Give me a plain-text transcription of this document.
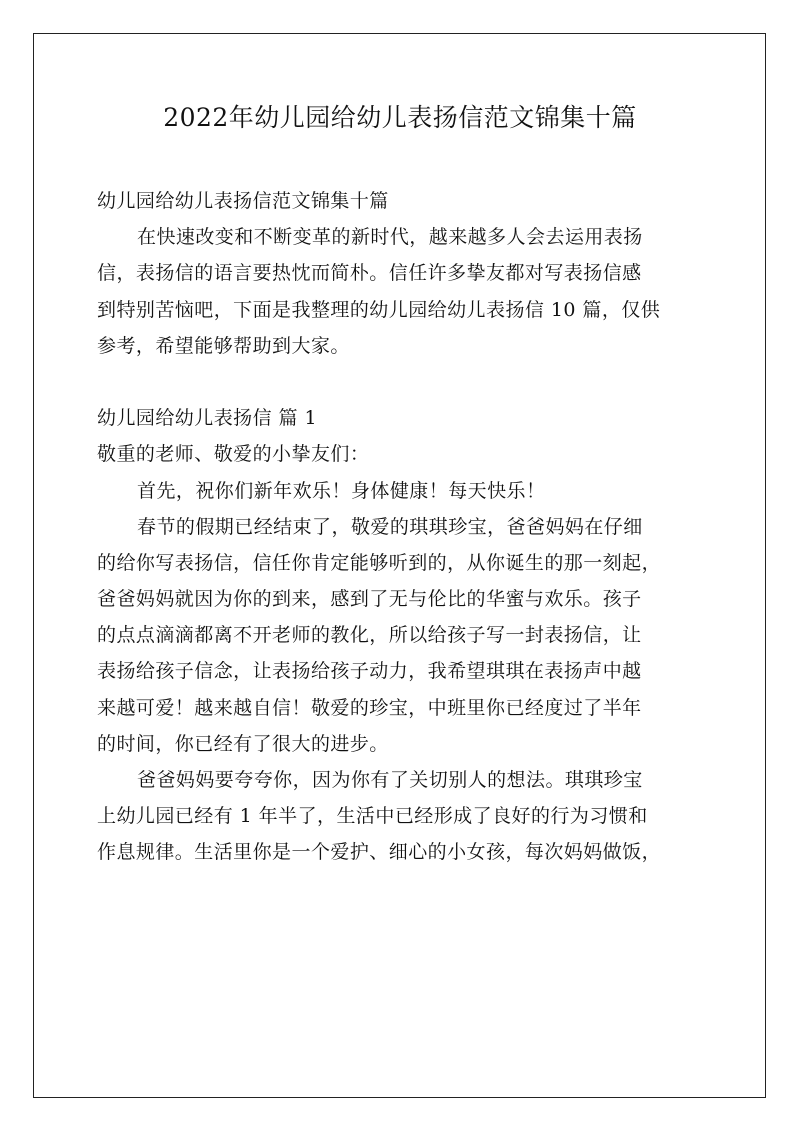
2022年幼儿园给幼儿表扬信范文锦集十篇

幼儿园给幼儿表扬信范文锦集十篇

在快速改变和不断变革的新时代，越来越多人会去运用表扬

信，表扬信的语言要热忱而简朴。信任许多挚友都对写表扬信感

到特别苦恼吧，下面是我整理的幼儿园给幼儿表扬信 10 篇，仅供

参考，希望能够帮助到大家。

幼儿园给幼儿表扬信 篇 1

敬重的老师、敬爱的小挚友们：

首先，祝你们新年欢乐！身体健康！每天快乐！

春节的假期已经结束了，敬爱的琪琪珍宝，爸爸妈妈在仔细

的给你写表扬信，信任你肯定能够听到的，从你诞生的那一刻起，

爸爸妈妈就因为你的到来，感到了无与伦比的华蜜与欢乐。孩子

的点点滴滴都离不开老师的教化，所以给孩子写一封表扬信，让

表扬给孩子信念，让表扬给孩子动力，我希望琪琪在表扬声中越

来越可爱！越来越自信！敬爱的珍宝，中班里你已经度过了半年

的时间，你已经有了很大的进步。

爸爸妈妈要夸夸你，因为你有了关切别人的想法。琪琪珍宝

上幼儿园已经有 1 年半了，生活中已经形成了良好的行为习惯和

作息规律。生活里你是一个爱护、细心的小女孩，每次妈妈做饭，
